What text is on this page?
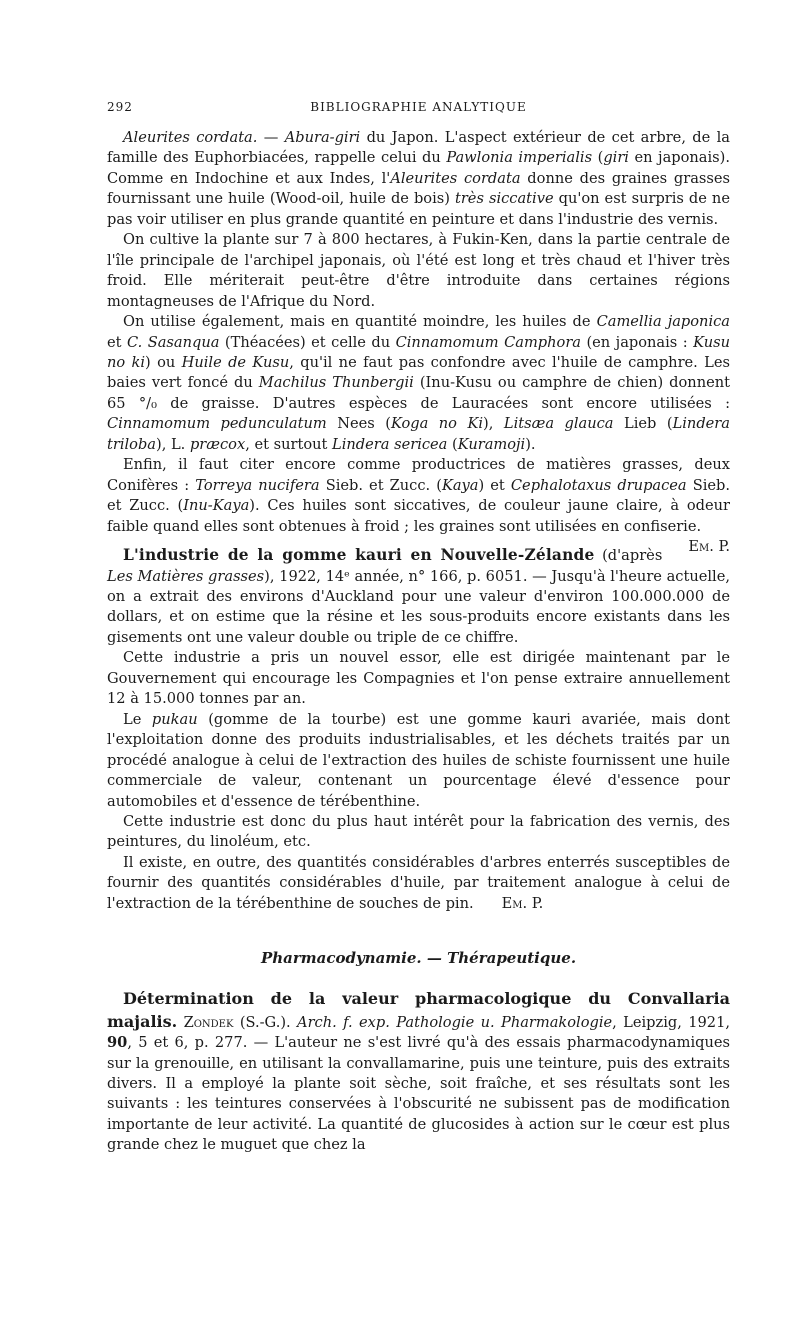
292	BIBLIOGRAPHIE ANALYTIQUE

Aleurites cordata. — Abura-giri du Japon. L'aspect extérieur de cet arbre, de la famille des Euphorbiacées, rappelle celui du Pawlonia imperialis (giri en japonais). Comme en Indochine et aux Indes, l'Aleurites cordata donne des graines grasses fournissant une huile (Wood-oil, huile de bois) très siccative qu'on est surpris de ne pas voir utiliser en plus grande quantité en peinture et dans l'industrie des vernis.

On cultive la plante sur 7 à 800 hectares, à Fukin-Ken, dans la partie centrale de l'île principale de l'archipel japonais, où l'été est long et très chaud et l'hiver très froid. Elle mériterait peut-être d'être introduite dans certaines régions montagneuses de l'Afrique du Nord.

On utilise également, mais en quantité moindre, les huiles de Camellia japonica et C. Sasanqua (Théacées) et celle du Cinnamomum Camphora (en japonais : Kusu no ki) ou Huile de Kusu, qu'il ne faut pas confondre avec l'huile de camphre. Les baies vert foncé du Machilus Thunbergii (Inu-Kusu ou camphre de chien) donnent 65 °/₀ de graisse. D'autres espèces de Lauracées sont encore utilisées : Cinnamomum pedunculatum Nees (Koga no Ki), Litsæa glauca Lieb (Lindera triloba), L. præcox, et surtout Lindera sericea (Kuramoji).

Enfin, il faut citer encore comme productrices de matières grasses, deux Conifères : Torreya nucifera Sieb. et Zucc. (Kaya) et Cephalotaxus drupacea Sieb. et Zucc. (Inu-Kaya). Ces huiles sont siccatives, de couleur jaune claire, à odeur faible quand elles sont obtenues à froid ; les graines sont utilisées en confiserie.
Em. P.

L'industrie de la gomme kauri en Nouvelle-Zélande (d'après Les Matières grasses), 1922, 14ᵉ année, n° 166, p. 6051. — Jusqu'à l'heure actuelle, on a extrait des environs d'Auckland pour une valeur d'environ 100.000.000 de dollars, et on estime que la résine et les sous-produits encore existants dans les gisements ont une valeur double ou triple de ce chiffre.

Cette industrie a pris un nouvel essor, elle est dirigée maintenant par le Gouvernement qui encourage les Compagnies et l'on pense extraire annuellement 12 à 15.000 tonnes par an.

Le pukau (gomme de la tourbe) est une gomme kauri avariée, mais dont l'exploitation donne des produits industrialisables, et les déchets traités par un procédé analogue à celui de l'extraction des huiles de schiste fournissent une huile commerciale de valeur, contenant un pourcentage élevé d'essence pour automobiles et d'essence de térébenthine.

Cette industrie est donc du plus haut intérêt pour la fabrication des vernis, des peintures, du linoléum, etc.

Il existe, en outre, des quantités considérables d'arbres enterrés susceptibles de fournir des quantités considérables d'huile, par traitement analogue à celui de l'extraction de la térébenthine de souches de pin. Em. P.

Pharmacodynamie. — Thérapeutique.

Détermination de la valeur pharmacologique du Convallaria majalis. Zondek (S.-G.). Arch. f. exp. Pathologie u. Pharmakologie, Leipzig, 1921, 90, 5 et 6, p. 277. — L'auteur ne s'est livré qu'à des essais pharmacodynamiques sur la grenouille, en utilisant la convallamarine, puis une teinture, puis des extraits divers. Il a employé la plante soit sèche, soit fraîche, et ses résultats sont les suivants : les teintures conservées à l'obscurité ne subissent pas de modification importante de leur activité. La quantité de glucosides à action sur le cœur est plus grande chez le muguet que chez la
